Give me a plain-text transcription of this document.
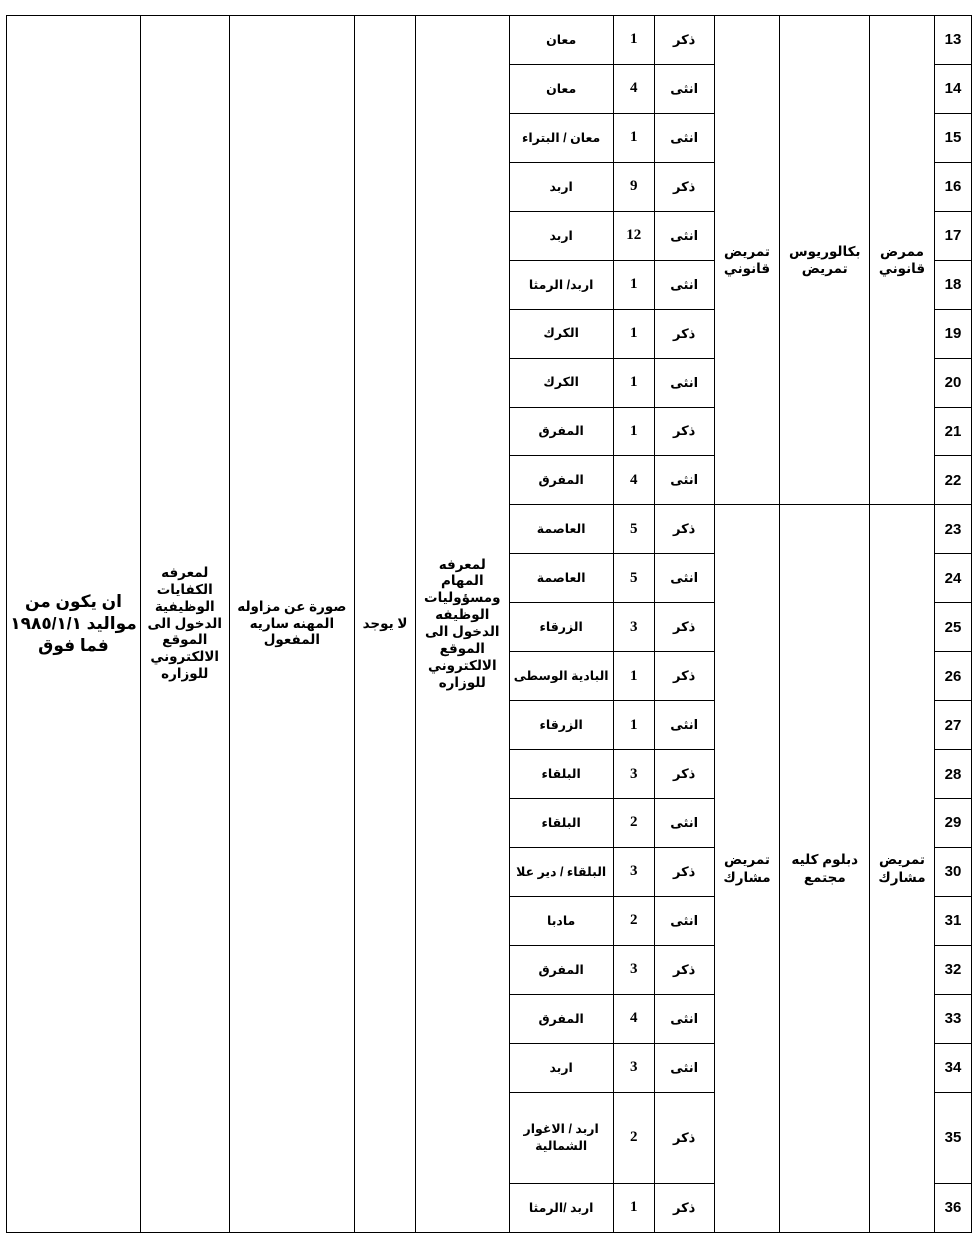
13	ممرض قانوني	بكالوريوس تمريض	تمريض قانوني	ذكر	1	معان	لمعرفه المهام ومسؤوليات الوظيفه الدخول الى الموقع الالكتروني للوزاره	لا يوجد	صورة عن مزاوله المهنه ساريه المفعول	لمعرفه الكفايات الوظيفية الدخول الى الموقع الالكتروني للوزاره	ان يكون من مواليد ١٩٨٥/١/١ فما فوق
14				انثى	4	معان					
15				انثى	1	معان / البتراء					
16				ذكر	9	اربد					
17				انثى	12	اربد					
18				انثى	1	اربد/ الرمثا					
19				ذكر	1	الكرك					
20				انثى	1	الكرك					
21				ذكر	1	المفرق					
22				انثى	4	المفرق					
23	تمريض مشارك	دبلوم كليه مجتمع	تمريض مشارك	ذكر	5	العاصمة					
24				انثى	5	العاصمة					
25				ذكر	3	الزرقاء					
26				ذكر	1	البادية الوسطى					
27				انثى	1	الزرقاء					
28				ذكر	3	البلقاء					
29				انثى	2	البلقاء					
30				ذكر	3	البلقاء / دير علا					
31				انثى	2	مادبا					
32				ذكر	3	المفرق					
33				انثى	4	المفرق					
34				انثى	3	اربد					
35				ذكر	2	اربد / الاغوار الشمالية					
36				ذكر	1	اربد /الرمثا					
